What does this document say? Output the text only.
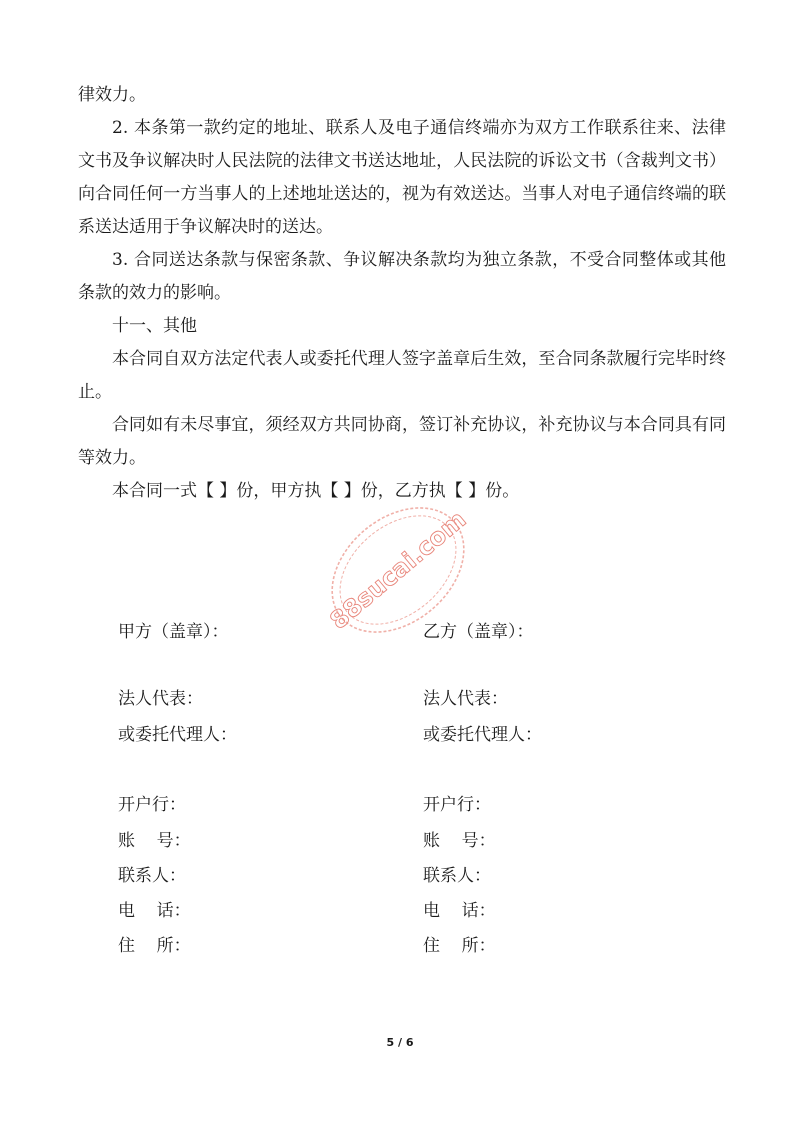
律效力。

2. 本条第一款约定的地址、联系人及电子通信终端亦为双方工作联系往来、法律文书及争议解决时人民法院的法律文书送达地址，人民法院的诉讼文书（含裁判文书）向合同任何一方当事人的上述地址送达的，视为有效送达。当事人对电子通信终端的联系送达适用于争议解决时的送达。

3. 合同送达条款与保密条款、争议解决条款均为独立条款，不受合同整体或其他条款的效力的影响。

十一、其他

本合同自双方法定代表人或委托代理人签字盖章后生效，至合同条款履行完毕时终止。

合同如有未尽事宜，须经双方共同协商，签订补充协议，补充协议与本合同具有同等效力。

本合同一式【 】份，甲方执【 】份，乙方执【 】份。

88sucai.com
甲方（盖章）：
法人代表：
或委托代理人：
开户行：
账    号：
联系人：
电    话：
住    所：
乙方（盖章）：
法人代表：
或委托代理人：
开户行：
账    号：
联系人：
电    话：
住    所：
5 / 6
